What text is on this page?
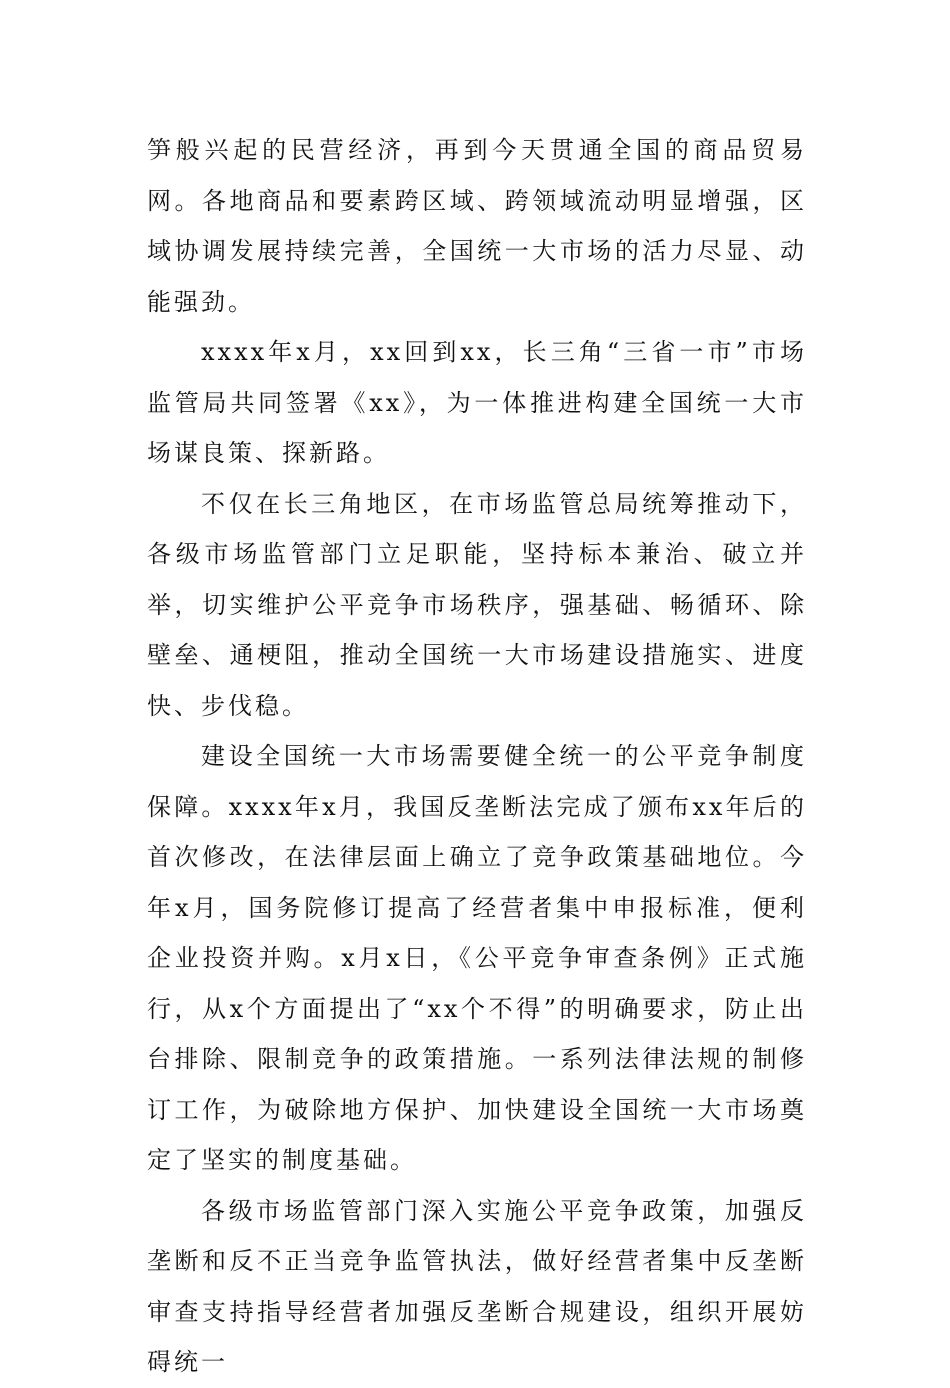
笋般兴起的民营经济，再到今天贯通全国的商品贸易网。各地商品和要素跨区域、跨领域流动明显增强，区域协调发展持续完善，全国统一大市场的活力尽显、动能强劲。

xxxx年x月，xx回到xx，长三角“三省一市”市场监管局共同签署《xx》，为一体推进构建全国统一大市场谋良策、探新路。

不仅在长三角地区，在市场监管总局统筹推动下，各级市场监管部门立足职能，坚持标本兼治、破立并举，切实维护公平竞争市场秩序，强基础、畅循环、除壁垒、通梗阻，推动全国统一大市场建设措施实、进度快、步伐稳。

建设全国统一大市场需要健全统一的公平竞争制度保障。xxxx年x月，我国反垄断法完成了颁布xx年后的首次修改，在法律层面上确立了竞争政策基础地位。今年x月，国务院修订提高了经营者集中申报标准，便利企业投资并购。x月x日，《公平竞争审查条例》正式施行，从x个方面提出了“xx个不得”的明确要求，防止出台排除、限制竞争的政策措施。一系列法律法规的制修订工作，为破除地方保护、加快建设全国统一大市场奠定了坚实的制度基础。

各级市场监管部门深入实施公平竞争政策，加强反垄断和反不正当竞争监管执法，做好经营者集中反垄断审查支持指导经营者加强反垄断合规建设，组织开展妨碍统一
